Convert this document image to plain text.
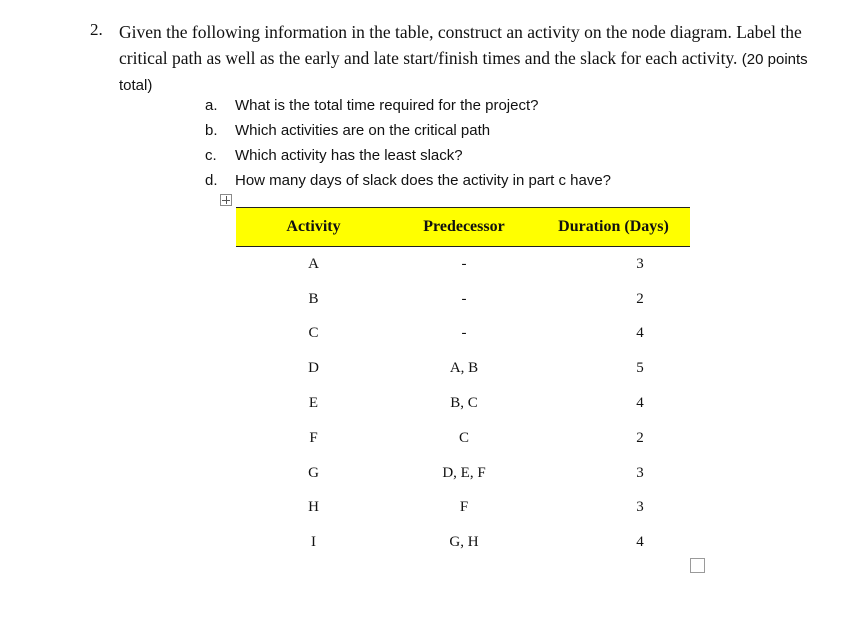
2. Given the following information in the table, construct an activity on the node diagram. Label the critical path as well as the early and late start/finish times and the slack for each activity. (20 points total)
a.	What is the total time required for the project?
b.	Which activities are on the critical path
c.	Which activity has the least slack?
d.	How many days of slack does the activity in part c have?
Activity	Predecessor	Duration (Days)
A	-	3
B	-	2
C	-	4
D	A, B	5
E	B, C	4
F	C	2
G	D, E, F	3
H	F	3
I	G, H	4
